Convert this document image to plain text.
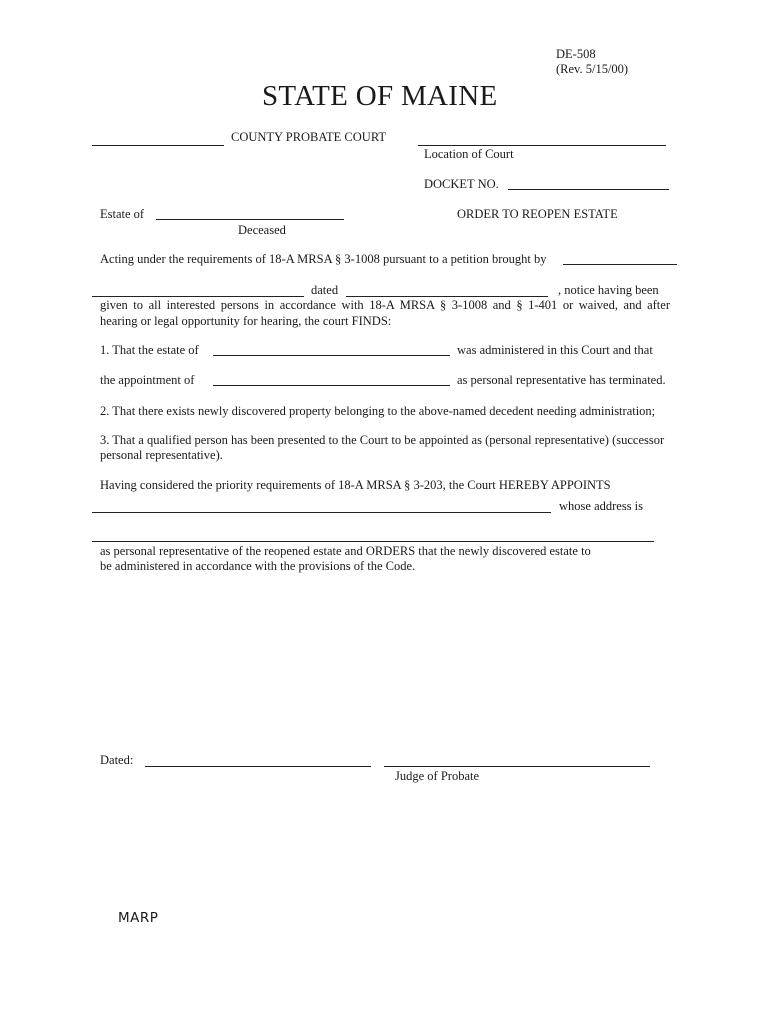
DE-508
(Rev. 5/15/00)
STATE OF MAINE
COUNTY PROBATE COURT
Location of Court
DOCKET NO.
Estate of
Deceased
ORDER TO REOPEN ESTATE
Acting under the requirements of 18-A MRSA § 3-1008 pursuant to a petition brought by
dated	, notice having been
given to all interested persons in accordance with 18-A MRSA § 3-1008 and § 1-401 or waived, and after
hearing or legal opportunity for hearing, the court FINDS:
1. That the estate of	was administered in this Court and that
the appointment of	as personal representative has terminated.
2. That there exists newly discovered property belonging to the above-named decedent needing administration;
3. That a qualified person has been presented to the Court to be appointed as (personal representative) (successor
personal representative).
Having considered the priority requirements of 18-A MRSA § 3-203, the Court HEREBY APPOINTS
whose address is
as personal representative of the reopened estate and ORDERS that the newly discovered estate to
be administered in accordance with the provisions of the Code.
Dated:
Judge of Probate
MARP
